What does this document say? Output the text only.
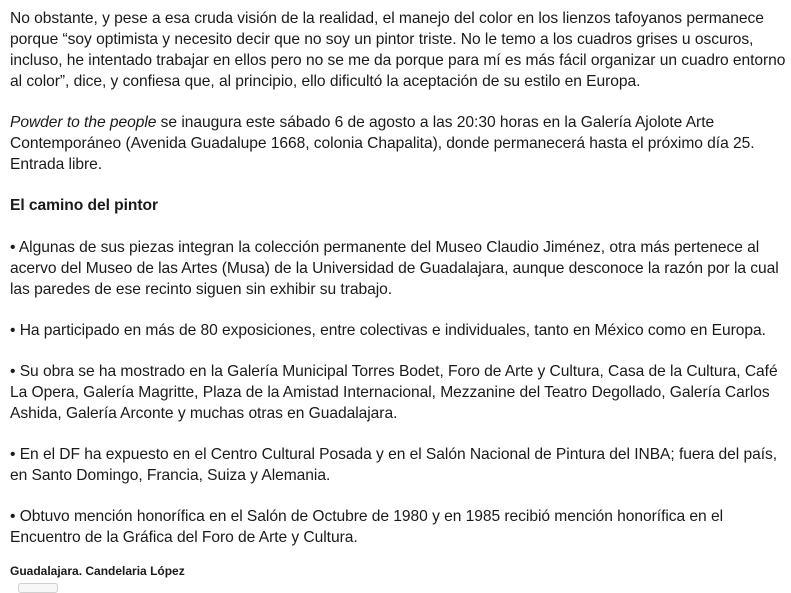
No obstante, y pese a esa cruda visión de la realidad, el manejo del color en los lienzos tafoyanos permanece porque “soy optimista y necesito decir que no soy un pintor triste. No le temo a los cuadros grises u oscuros, incluso, he intentado trabajar en ellos pero no se me da porque para mí es más fácil organizar un cuadro entorno al color”, dice, y confiesa que, al principio, ello dificultó la aceptación de su estilo en Europa.

Powder to the people se inaugura este sábado 6 de agosto a las 20:30 horas en la Galería Ajolote Arte Contemporáneo (Avenida Guadalupe 1668, colonia Chapalita), donde permanecerá hasta el próximo día 25. Entrada libre.

El camino del pintor

• Algunas de sus piezas integran la colección permanente del Museo Claudio Jiménez, otra más pertenece al acervo del Museo de las Artes (Musa) de la Universidad de Guadalajara, aunque desconoce la razón por la cual las paredes de ese recinto siguen sin exhibir su trabajo.

• Ha participado en más de 80 exposiciones, entre colectivas e individuales, tanto en México como en Europa.

• Su obra se ha mostrado en la Galería Municipal Torres Bodet, Foro de Arte y Cultura, Casa de la Cultura, Café La Opera, Galería Magritte, Plaza de la Amistad Internacional, Mezzanine del Teatro Degollado, Galería Carlos Ashida, Galería Arconte y muchas otras en Guadalajara.

• En el DF ha expuesto en el Centro Cultural Posada y en el Salón Nacional de Pintura del INBA; fuera del país, en Santo Domingo, Francia, Suiza y Alemania.

• Obtuvo mención honorífica en el Salón de Octubre de 1980 y en 1985 recibió mención honorífica en el Encuentro de la Gráfica del Foro de Arte y Cultura.

Guadalajara. Candelaria López
